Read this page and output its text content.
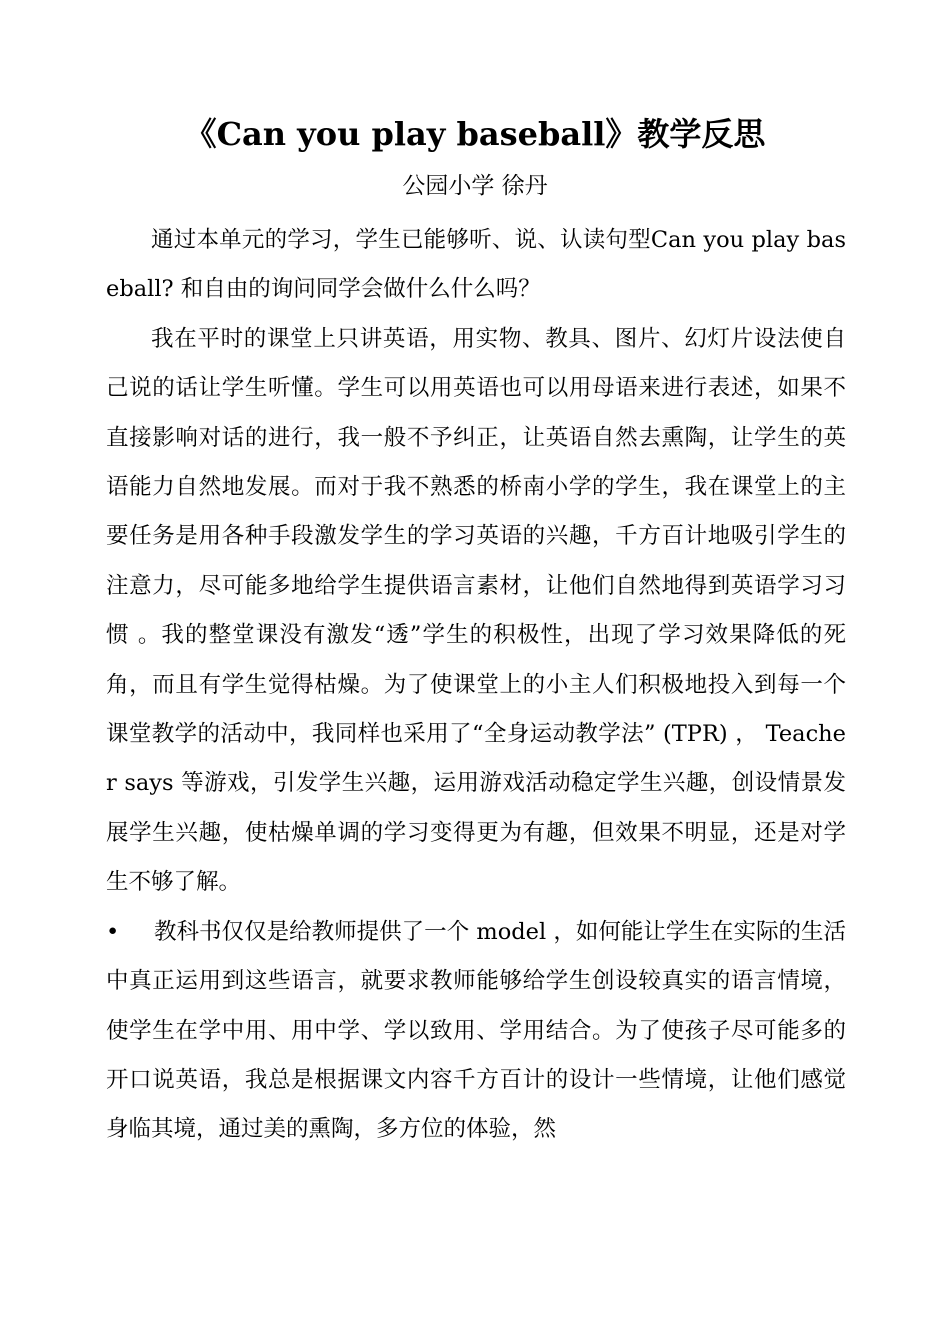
《Can you play baseball》教学反思
公园小学 徐丹

通过本单元的学习，学生已能够听、说、认读句型Can you play baseball? 和自由的询问同学会做什么什么吗？

我在平时的课堂上只讲英语，用实物、教具、图片、幻灯片设法使自己说的话让学生听懂。学生可以用英语也可以用母语来进行表述，如果不直接影响对话的进行，我一般不予纠正，让英语自然去熏陶，让学生的英语能力自然地发展。而对于我不熟悉的桥南小学的学生，我在课堂上的主要任务是用各种手段激发学生的学习英语的兴趣，千方百计地吸引学生的注意力，尽可能多地给学生提供语言素材，让他们自然地得到英语学习习惯 。我的整堂课没有激发“透”学生的积极性，出现了学习效果降低的死角，而且有学生觉得枯燥。为了使课堂上的小主人们积极地投入到每一个课堂教学的活动中，我同样也采用了“全身运动教学法” (TPR) ， Teacher says 等游戏，引发学生兴趣，运用游戏活动稳定学生兴趣，创设情景发展学生兴趣，使枯燥单调的学习变得更为有趣，但效果不明显，还是对学生不够了解。

• 教科书仅仅是给教师提供了一个 model ，如何能让学生在实际的生活中真正运用到这些语言，就要求教师能够给学生创设较真实的语言情境，使学生在学中用、用中学、学以致用、学用结合。为了使孩子尽可能多的开口说英语，我总是根据课文内容千方百计的设计一些情境，让他们感觉身临其境，通过美的熏陶，多方位的体验，然
